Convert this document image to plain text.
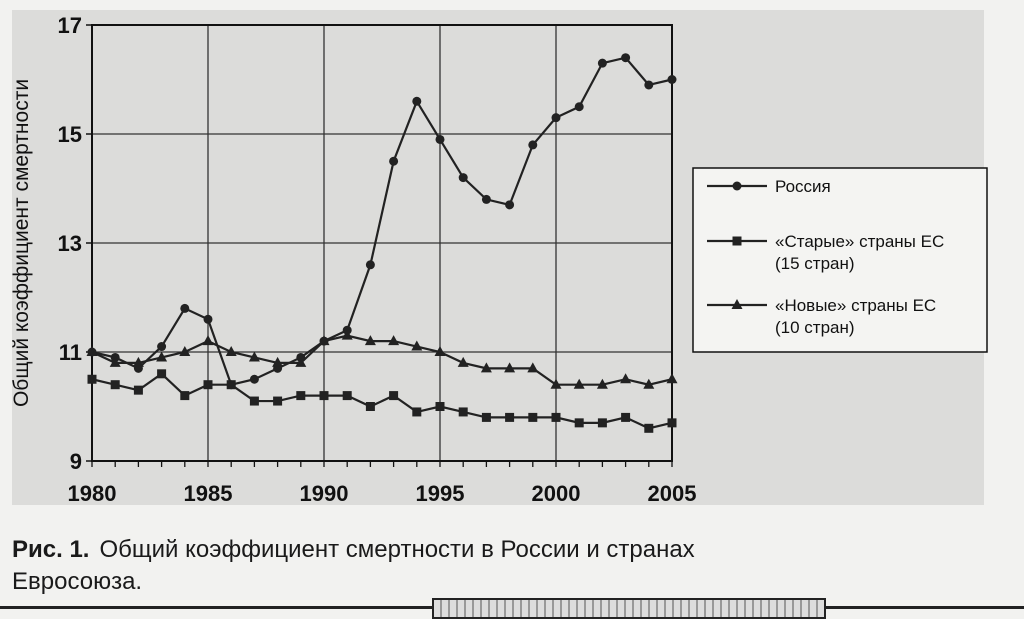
9
11
13
15
17
1980	1985	1990	1995	2000	2005
Общий коэффициент смертности	Россия
«Старые» страны ЕС (15 стран)
«Новые» страны ЕС (10 стран)
Рис. 1. Общий коэффициент смертности в России и странах Евросоюза.
